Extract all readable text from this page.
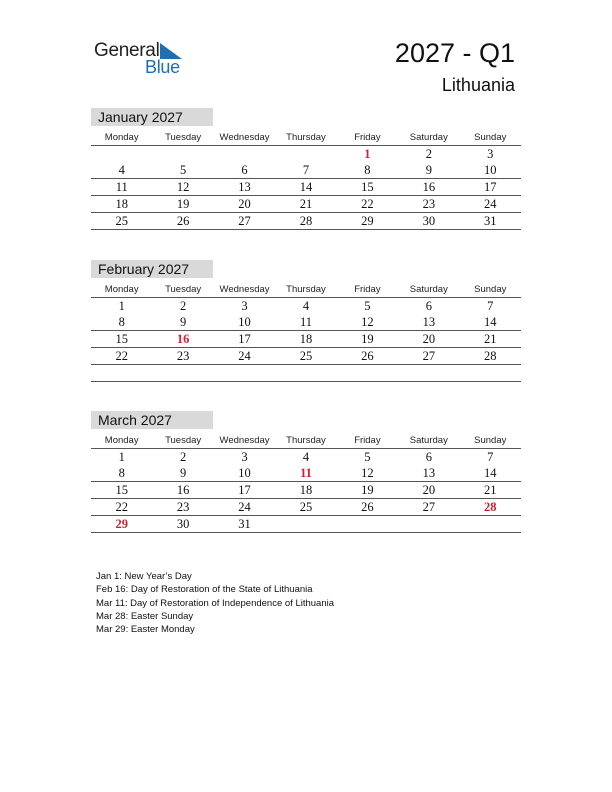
General
Blue	2027 - Q1
Lithuania
January 2027
Monday	Tuesday	Wednesday	Thursday	Friday	Saturday	Sunday
				1	2	3
4	5	6	7	8	9	10
11	12	13	14	15	16	17
18	19	20	21	22	23	24
25	26	27	28	29	30	31
February 2027
Monday	Tuesday	Wednesday	Thursday	Friday	Saturday	Sunday
1	2	3	4	5	6	7
8	9	10	11	12	13	14
15	16	17	18	19	20	21
22	23	24	25	26	27	28

March 2027
Monday	Tuesday	Wednesday	Thursday	Friday	Saturday	Sunday
1	2	3	4	5	6	7
8	9	10	11	12	13	14
15	16	17	18	19	20	21
22	23	24	25	26	27	28
29	30	31				
Jan 1: New Year’s Day
Feb 16: Day of Restoration of the State of Lithuania
Mar 11: Day of Restoration of Independence of Lithuania
Mar 28: Easter Sunday
Mar 29: Easter Monday
